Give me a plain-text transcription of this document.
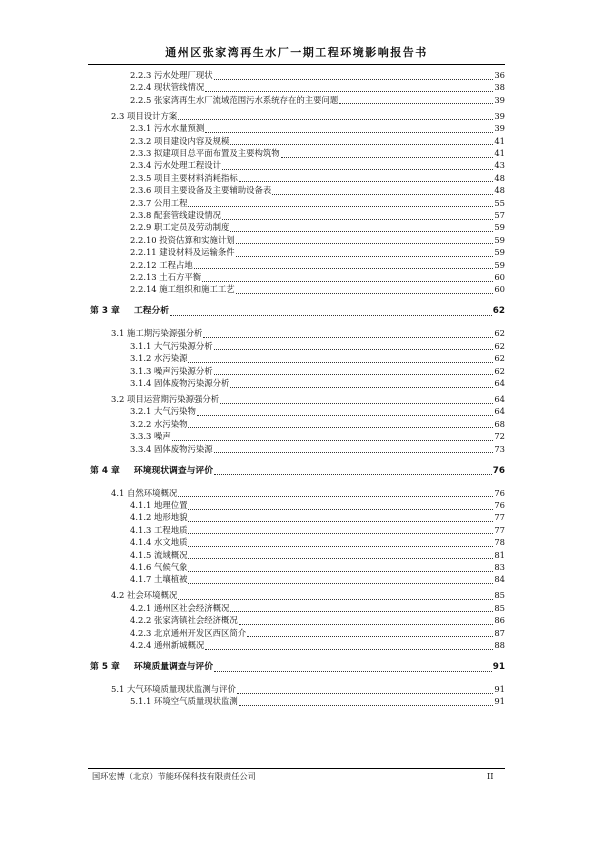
通州区张家湾再生水厂一期工程环境影响报告书
2.2.3 污水处理厂现状	36
2.2.4 现状管线情况	38
2.2.5 张家湾再生水厂流域范围污水系统存在的主要问题	39
2.3 项目设计方案	39
2.3.1 污水水量预测	39
2.3.2 项目建设内容及规模	41
2.3.3 拟建项目总平面布置及主要构筑物	41
2.3.4 污水处理工程设计	43
2.3.5 项目主要材料消耗指标	48
2.3.6 项目主要设备及主要辅助设备表	48
2.3.7 公用工程	55
2.3.8 配套管线建设情况	57
2.2.9 职工定员及劳动制度	59
2.2.10 投资估算和实施计划	59
2.2.11 建设材料及运输条件	59
2.2.12 工程占地	59
2.2.13 土石方平衡	60
2.2.14 施工组织和施工工艺	60
第 3 章 工程分析	62
3.1 施工期污染源强分析	62
3.1.1 大气污染源分析	62
3.1.2 水污染源	62
3.1.3 噪声污染源分析	62
3.1.4 固体废物污染源分析	64
3.2 项目运营期污染源强分析	64
3.2.1 大气污染物	64
3.2.2 水污染物	68
3.3.3 噪声	72
3.3.4 固体废物污染源	73
第 4 章 环境现状调查与评价	76
4.1 自然环境概况	76
4.1.1 地理位置	76
4.1.2 地形地貌	77
4.1.3 工程地质	77
4.1.4 水文地质	78
4.1.5 流域概况	81
4.1.6 气候气象	83
4.1.7 土壤植被	84
4.2 社会环境概况	85
4.2.1 通州区社会经济概况	85
4.2.2 张家湾镇社会经济概况	86
4.2.3 北京通州开发区西区简介	87
4.2.4 通州新城概况	88
第 5 章 环境质量调查与评价	91
5.1 大气环境质量现状监测与评价	91
5.1.1 环境空气质量现状监测	91
国环宏博（北京）节能环保科技有限责任公司	II
